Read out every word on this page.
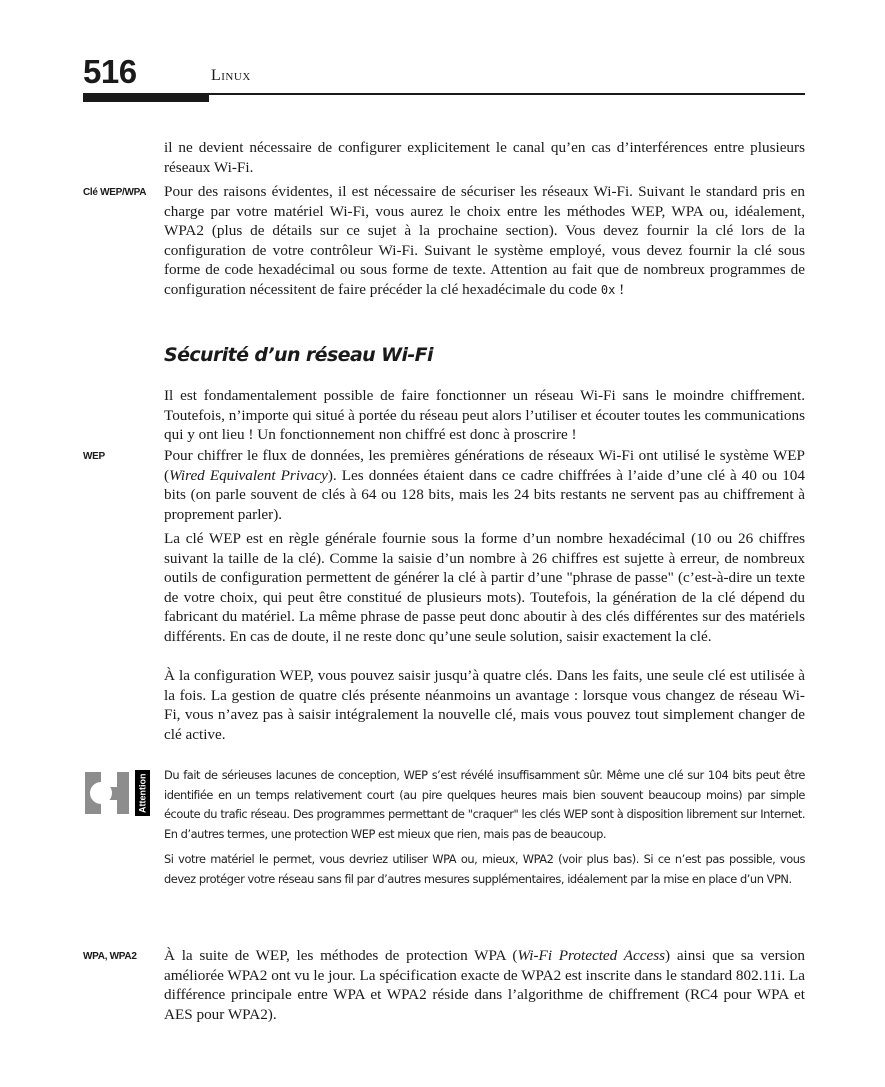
516	Linux

il ne devient nécessaire de configurer explicitement le canal qu’en cas d’interférences entre plusieurs réseaux Wi-Fi.

Clé WEP/WPA Pour des raisons évidentes, il est nécessaire de sécuriser les réseaux Wi-Fi. Suivant le standard pris en charge par votre matériel Wi-Fi, vous aurez le choix entre les méthodes WEP, WPA ou, idéalement, WPA2 (plus de détails sur ce sujet à la prochaine section). Vous devez fournir la clé lors de la configuration de votre contrôleur Wi-Fi. Suivant le système employé, vous devez fournir la clé sous forme de code hexadécimal ou sous forme de texte. Attention au fait que de nombreux programmes de configuration nécessitent de faire précéder la clé hexadécimale du code 0x !

Sécurité d’un réseau Wi-Fi

Il est fondamentalement possible de faire fonctionner un réseau Wi-Fi sans le moindre chiffrement. Toutefois, n’importe qui situé à portée du réseau peut alors l’utiliser et écouter toutes les communications qui y ont lieu ! Un fonctionnement non chiffré est donc à proscrire !

WEP	Pour chiffrer le flux de données, les premières générations de réseaux Wi-Fi ont utilisé le système WEP (Wired Equivalent Privacy). Les données étaient dans ce cadre chiffrées à l’aide d’une clé à 40 ou 104 bits (on parle souvent de clés à 64 ou 128 bits, mais les 24 bits restants ne servent pas au chiffrement à proprement parler).

La clé WEP est en règle générale fournie sous la forme d’un nombre hexadécimal (10 ou 26 chiffres suivant la taille de la clé). Comme la saisie d’un nombre à 26 chiffres est sujette à erreur, de nombreux outils de configuration permettent de générer la clé à partir d’une "phrase de passe" (c’est-à-dire un texte de votre choix, qui peut être constitué de plusieurs mots). Toutefois, la génération de la clé dépend du fabricant du matériel. La même phrase de passe peut donc aboutir à des clés différentes sur des matériels différents. En cas de doute, il ne reste donc qu’une seule solution, saisir exactement la clé.

À la configuration WEP, vous pouvez saisir jusqu’à quatre clés. Dans les faits, une seule clé est utilisée à la fois. La gestion de quatre clés présente néanmoins un avantage : lorsque vous changez de réseau Wi-Fi, vous n’avez pas à saisir intégralement la nouvelle clé, mais vous pouvez tout simplement changer de clé active.

Attention Du fait de sérieuses lacunes de conception, WEP s’est révélé insuffisamment sûr. Même une clé sur 104 bits peut être identifiée en un temps relativement court (au pire quelques heures mais bien souvent beaucoup moins) par simple écoute du trafic réseau. Des programmes permettant de "craquer" les clés WEP sont à disposition librement sur Internet. En d’autres termes, une protection WEP est mieux que rien, mais pas de beaucoup.

Si votre matériel le permet, vous devriez utiliser WPA ou, mieux, WPA2 (voir plus bas). Si ce n’est pas possible, vous devez protéger votre réseau sans fil par d’autres mesures supplémentaires, idéalement par la mise en place d’un VPN.

WPA, WPA2 À la suite de WEP, les méthodes de protection WPA (Wi-Fi Protected Access) ainsi que sa version améliorée WPA2 ont vu le jour. La spécification exacte de WPA2 est inscrite dans le standard 802.11i. La différence principale entre WPA et WPA2 réside dans l’algorithme de chiffrement (RC4 pour WPA et AES pour WPA2).
